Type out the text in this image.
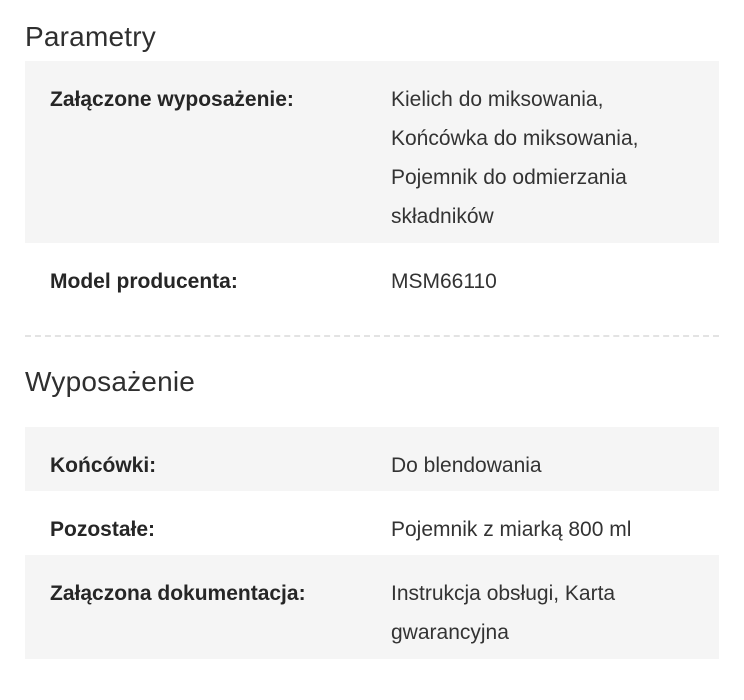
Parametry
Załączone wyposażenie:	Kielich do miksowania,
Końcówka do miksowania,
Pojemnik do odmierzania
składników
Model producenta:	MSM66110
Wyposażenie
Końcówki:	Do blendowania
Pozostałe:	Pojemnik z miarką 800 ml
Załączona dokumentacja:	Instrukcja obsługi, Karta
gwarancyjna
